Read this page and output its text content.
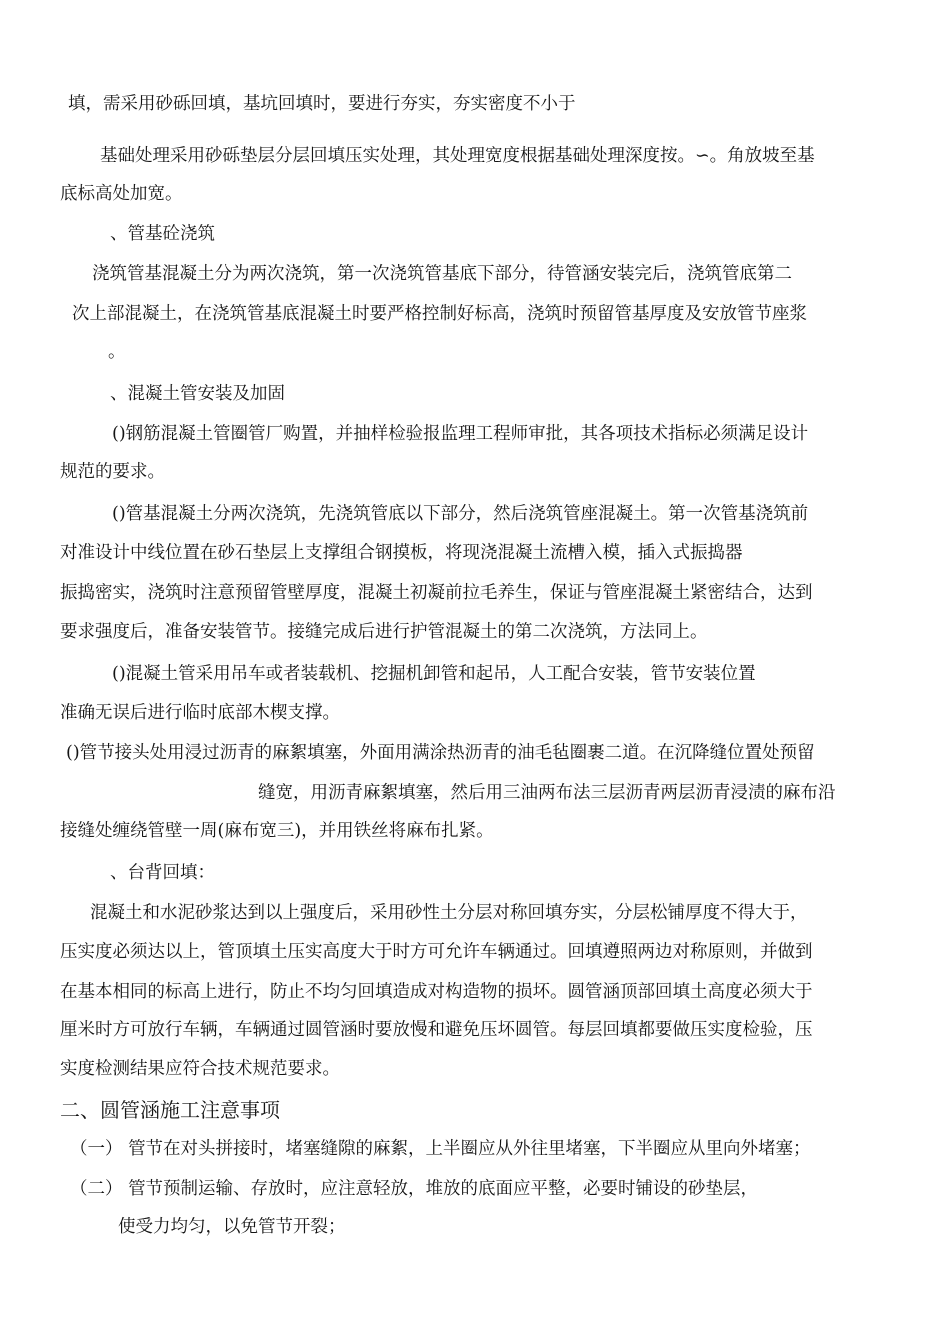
填，需采用砂砾回填，基坑回填时，要进行夯实，夯实密度不小于
基础处理采用砂砾垫层分层回填压实处理，其处理宽度根据基础处理深度按。∽。角放坡至基
底标高处加宽。
、管基砼浇筑
浇筑管基混凝土分为两次浇筑，第一次浇筑管基底下部分，待管涵安装完后，浇筑管底第二
次上部混凝土，在浇筑管基底混凝土时要严格控制好标高，浇筑时预留管基厚度及安放管节座浆
。
、混凝土管安装及加固
()钢筋混凝土管圈管厂购置，并抽样检验报监理工程师审批，其各项技术指标必须满足设计
规范的要求。
()管基混凝土分两次浇筑，先浇筑管底以下部分，然后浇筑管座混凝土。第一次管基浇筑前
对准设计中线位置在砂石垫层上支撑组合钢摸板，将现浇混凝土流槽入模，插入式振捣器
振捣密实，浇筑时注意预留管壁厚度，混凝土初凝前拉毛养生，保证与管座混凝土紧密结合，达到
要求强度后，准备安装管节。接缝完成后进行护管混凝土的第二次浇筑，方法同上。
()混凝土管采用吊车或者装载机、挖掘机卸管和起吊，人工配合安装，管节安装位置
准确无误后进行临时底部木楔支撑。
()管节接头处用浸过沥青的麻絮填塞，外面用满涂热沥青的油毛毡圈裹二道。在沉降缝位置处预留
缝宽，用沥青麻絮填塞，然后用三油两布法三层沥青两层沥青浸渍的麻布沿
接缝处缠绕管壁一周(麻布宽三)，并用铁丝将麻布扎紧。
、台背回填：
混凝土和水泥砂浆达到以上强度后，采用砂性土分层对称回填夯实，分层松铺厚度不得大于，
压实度必须达以上，管顶填土压实高度大于时方可允许车辆通过。回填遵照两边对称原则，并做到
在基本相同的标高上进行，防止不均匀回填造成对构造物的损坏。圆管涵顶部回填土高度必须大于
厘米时方可放行车辆，车辆通过圆管涵时要放慢和避免压坏圆管。每层回填都要做压实度检验，压
实度检测结果应符合技术规范要求。
二、圆管涵施工注意事项
（一） 管节在对头拼接时，堵塞缝隙的麻絮，上半圈应从外往里堵塞，下半圈应从里向外堵塞；
（二） 管节预制运输、存放时，应注意轻放，堆放的底面应平整，必要时铺设的砂垫层，
使受力均匀，以免管节开裂；
